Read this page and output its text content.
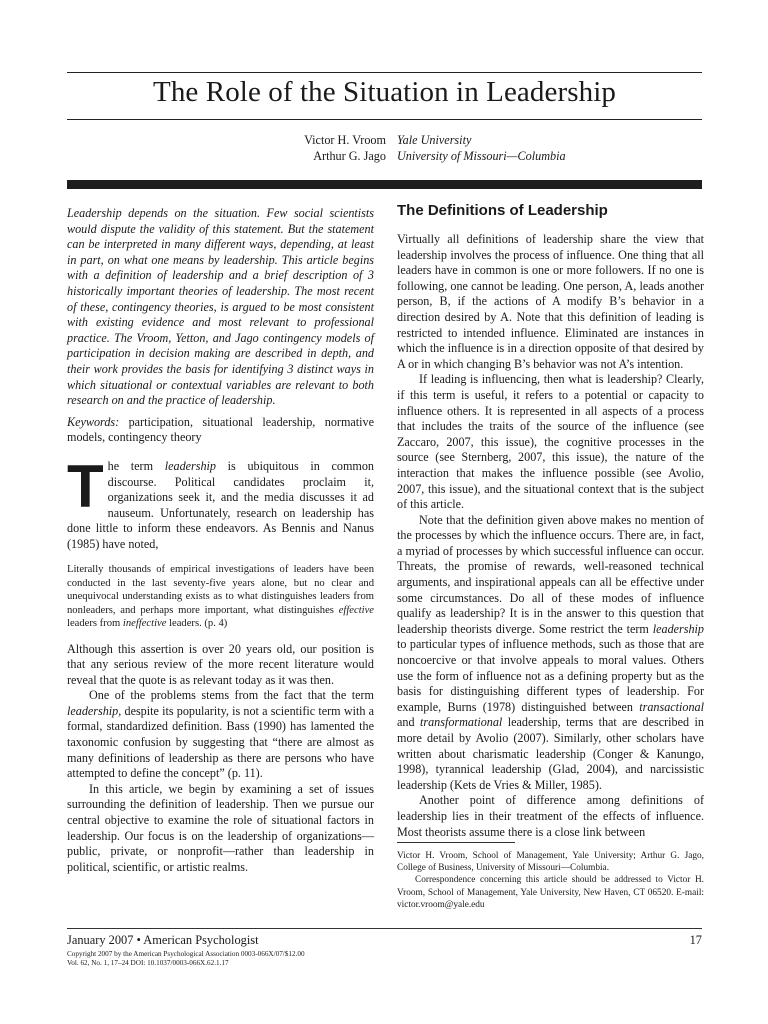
The Role of the Situation in Leadership
Victor H. Vroom
Arthur G. Jago
Yale University
University of Missouri—Columbia

Leadership depends on the situation. Few social scientists would dispute the validity of this statement. But the statement can be interpreted in many different ways, depending, at least in part, on what one means by leadership. This article begins with a definition of leadership and a brief description of 3 historically important theories of leadership. The most recent of these, contingency theories, is argued to be most consistent with existing evidence and most relevant to professional practice. The Vroom, Yetton, and Jago contingency models of participation in decision making are described in depth, and their work provides the basis for identifying 3 distinct ways in which situational or contextual variables are relevant to both research on and the practice of leadership.

Keywords: participation, situational leadership, normative models, contingency theory

The term leadership is ubiquitous in common discourse. Political candidates proclaim it, organizations seek it, and the media discusses it ad nauseum. Unfortunately, research on leadership has done little to inform these endeavors. As Bennis and Nanus (1985) have noted,

Literally thousands of empirical investigations of leaders have been conducted in the last seventy-five years alone, but no clear and unequivocal understanding exists as to what distinguishes leaders from nonleaders, and perhaps more important, what distinguishes effective leaders from ineffective leaders. (p. 4)

Although this assertion is over 20 years old, our position is that any serious review of the more recent literature would reveal that the quote is as relevant today as it was then.

One of the problems stems from the fact that the term leadership, despite its popularity, is not a scientific term with a formal, standardized definition. Bass (1990) has lamented the taxonomic confusion by suggesting that “there are almost as many definitions of leadership as there are persons who have attempted to define the concept” (p. 11).

In this article, we begin by examining a set of issues surrounding the definition of leadership. Then we pursue our central objective to examine the role of situational factors in leadership. Our focus is on the leadership of organizations—public, private, or nonprofit—rather than leadership in political, scientific, or artistic realms.

The Definitions of Leadership

Virtually all definitions of leadership share the view that leadership involves the process of influence. One thing that all leaders have in common is one or more followers. If no one is following, one cannot be leading. One person, A, leads another person, B, if the actions of A modify B’s behavior in a direction desired by A. Note that this definition of leading is restricted to intended influence. Eliminated are instances in which the influence is in a direction opposite of that desired by A or in which changing B’s behavior was not A’s intention.

If leading is influencing, then what is leadership? Clearly, if this term is useful, it refers to a potential or capacity to influence others. It is represented in all aspects of a process that includes the traits of the source of the influence (see Zaccaro, 2007, this issue), the cognitive processes in the source (see Sternberg, 2007, this issue), the nature of the interaction that makes the influence possible (see Avolio, 2007, this issue), and the situational context that is the subject of this article.

Note that the definition given above makes no mention of the processes by which the influence occurs. There are, in fact, a myriad of processes by which successful influence can occur. Threats, the promise of rewards, well-reasoned technical arguments, and inspirational appeals can all be effective under some circumstances. Do all of these modes of influence qualify as leadership? It is in the answer to this question that leadership theorists diverge. Some restrict the term leadership to particular types of influence methods, such as those that are noncoercive or that involve appeals to moral values. Others use the form of influence not as a defining property but as the basis for distinguishing different types of leadership. For example, Burns (1978) distinguished between transactional and transformational leadership, terms that are described in more detail by Avolio (2007). Similarly, other scholars have written about charismatic leadership (Conger & Kanungo, 1998), tyrannical leadership (Glad, 2004), and narcissistic leadership (Kets de Vries & Miller, 1985).

Another point of difference among definitions of leadership lies in their treatment of the effects of influence. Most theorists assume there is a close link between

Victor H. Vroom, School of Management, Yale University; Arthur G. Jago, College of Business, University of Missouri—Columbia.

Correspondence concerning this article should be addressed to Victor H. Vroom, School of Management, Yale University, New Haven, CT 06520. E-mail: victor.vroom@yale.edu

January 2007 • American Psychologist	17
Copyright 2007 by the American Psychological Association 0003-066X/07/$12.00
Vol. 62, No. 1, 17–24 DOI: 10.1037/0003-066X.62.1.17
